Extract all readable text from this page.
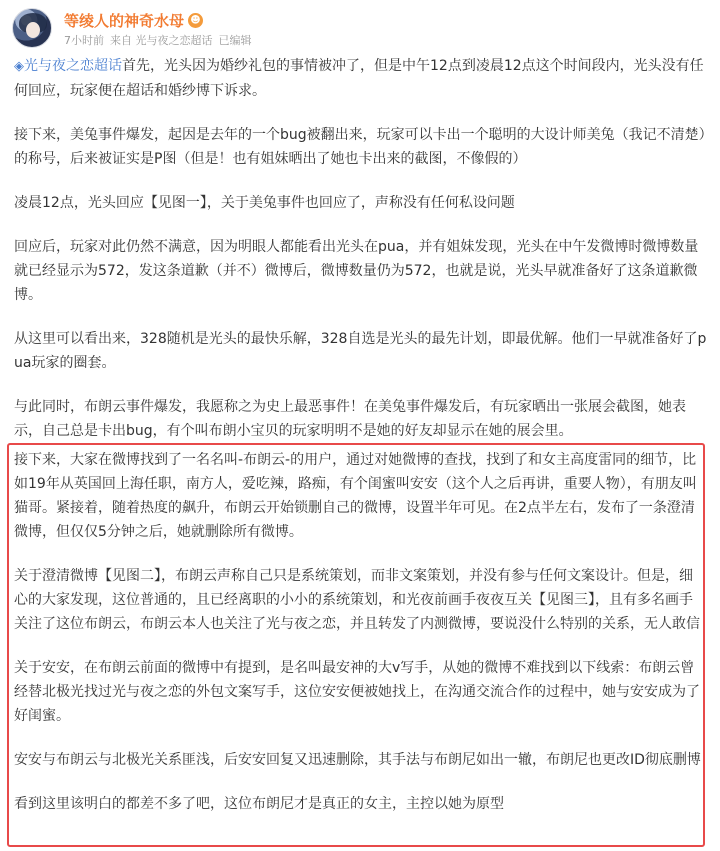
等绫人的神奇水母 ☻
7小时前 来自 光与夜之恋超话 已编辑

◈光与夜之恋超话首先，光头因为婚纱礼包的事情被冲了，但是中午12点到凌晨12点这个时间段内，光头没有任何回应，玩家便在超话和婚纱博下诉求。

接下来，美兔事件爆发，起因是去年的一个bug被翻出来，玩家可以卡出一个聪明的大设计师美兔（我记不清楚）的称号，后来被证实是P图（但是！也有姐妹晒出了她也卡出来的截图，不像假的）

凌晨12点，光头回应【见图一】，关于美兔事件也回应了，声称没有任何私设问题

回应后，玩家对此仍然不满意，因为明眼人都能看出光头在pua，并有姐妹发现，光头在中午发微博时微博数量就已经显示为572，发这条道歉（并不）微博后，微博数量仍为572，也就是说，光头早就准备好了这条道歉微博。

从这里可以看出来，328随机是光头的最快乐解，328自选是光头的最先计划，即最优解。他们一早就准备好了pua玩家的圈套。

与此同时，布朗云事件爆发，我愿称之为史上最恶事件！在美兔事件爆发后，有玩家晒出一张展会截图，她表示，自己总是卡出bug，有个叫布朗小宝贝的玩家明明不是她的好友却显示在她的展会里。

接下来，大家在微博找到了一名名叫-布朗云-的用户，通过对她微博的查找，找到了和女主高度雷同的细节，比如19年从英国回上海任职，南方人，爱吃辣，路痴，有个闺蜜叫安安（这个人之后再讲，重要人物），有朋友叫猫哥。紧接着，随着热度的飙升，布朗云开始锁删自己的微博，设置半年可见。在2点半左右，发布了一条澄清微博，但仅仅5分钟之后，她就删除所有微博。

关于澄清微博【见图二】，布朗云声称自己只是系统策划，而非文案策划，并没有参与任何文案设计。但是，细心的大家发现，这位普通的，且已经离职的小小的系统策划，和光夜前画手夜夜互关【见图三】，且有多名画手关注了这位布朗云，布朗云本人也关注了光与夜之恋，并且转发了内测微博，要说没什么特别的关系，无人敢信

关于安安，在布朗云前面的微博中有提到，是名叫最安神的大v写手，从她的微博不难找到以下线索：布朗云曾经替北极光找过光与夜之恋的外包文案写手，这位安安便被她找上，在沟通交流合作的过程中，她与安安成为了好闺蜜。

安安与布朗云与北极光关系匪浅，后安安回复又迅速删除，其手法与布朗尼如出一辙，布朗尼也更改ID彻底删博

看到这里该明白的都差不多了吧，这位布朗尼才是真正的女主，主控以她为原型
